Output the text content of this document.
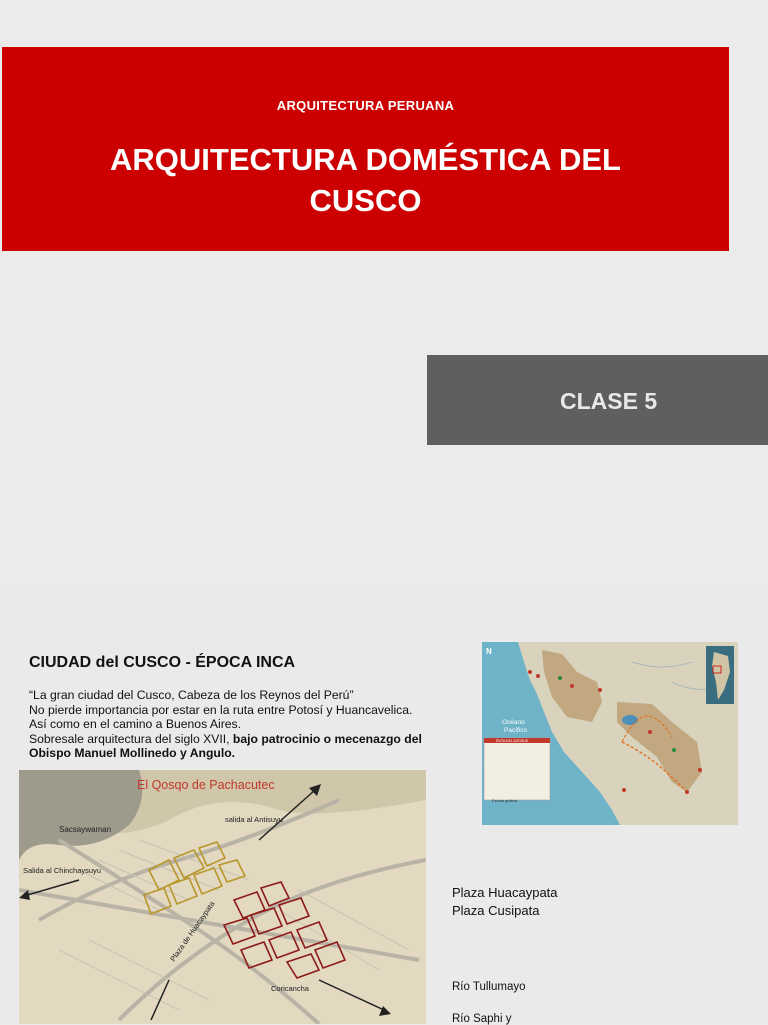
ARQUITECTURA PERUANA
ARQUITECTURA DOMÉSTICA DEL
CUSCO
CLASE 5
CIUDAD del CUSCO - ÉPOCA INCA
“La gran ciudad del Cusco, Cabeza de los Reynos del Perú”
No pierde importancia por estar en la ruta entre Potosí y Huancavelica.
Así como en el camino a Buenos Aires.
Sobresale arquitectura del siglo XVII, bajo patrocinio o mecenazgo del
Obispo Manuel Mollinedo y Angulo.
N
Océano
Pacífico
RUTA DEL AZOGUE
Escala gráfica
El Qosqo de Pachacutec
Sacsaywaman
salida al Antisuyu
Salida al Chinchaysuyu
Plaza de Huacaypata
Coricancha
Plaza Huacaypata
Plaza Cusipata
Río Tullumayo
Río Saphi y
